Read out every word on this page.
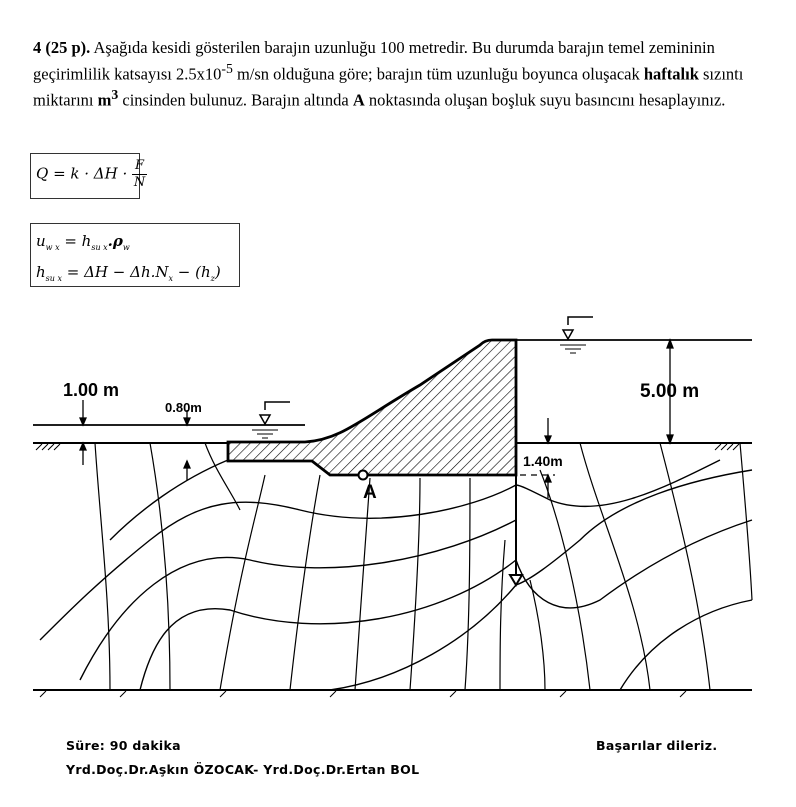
4 (25 p). Aşağıda kesidi gösterilen barajın uzunluğu 100 metredir. Bu durumda barajın temel zemininin geçirimlilik katsayısı $2.5x10^{-5}$ m/sn olduğuna göre; barajın tüm uzunluğu boyunca oluşacak haftalık sızıntı miktarını $m^3$ cinsinden bulunuz. Barajın altında A noktasında oluşan boşluk suyu basıncını hesaplayınız.
$Q = k \cdot \Delta H \cdot \frac{F}{N}$
$u_{w x} = h_{su x}.\rho_w$
$h_{su x} = \Delta H - \Delta h.N_x - (h_z)$
A
1.00 m
0.80m
5.00 m
1.40m
Süre: 90 dakika	Başarılar dileriz.
Yrd.Doç.Dr.Aşkın ÖZOCAK- Yrd.Doç.Dr.Ertan BOL
